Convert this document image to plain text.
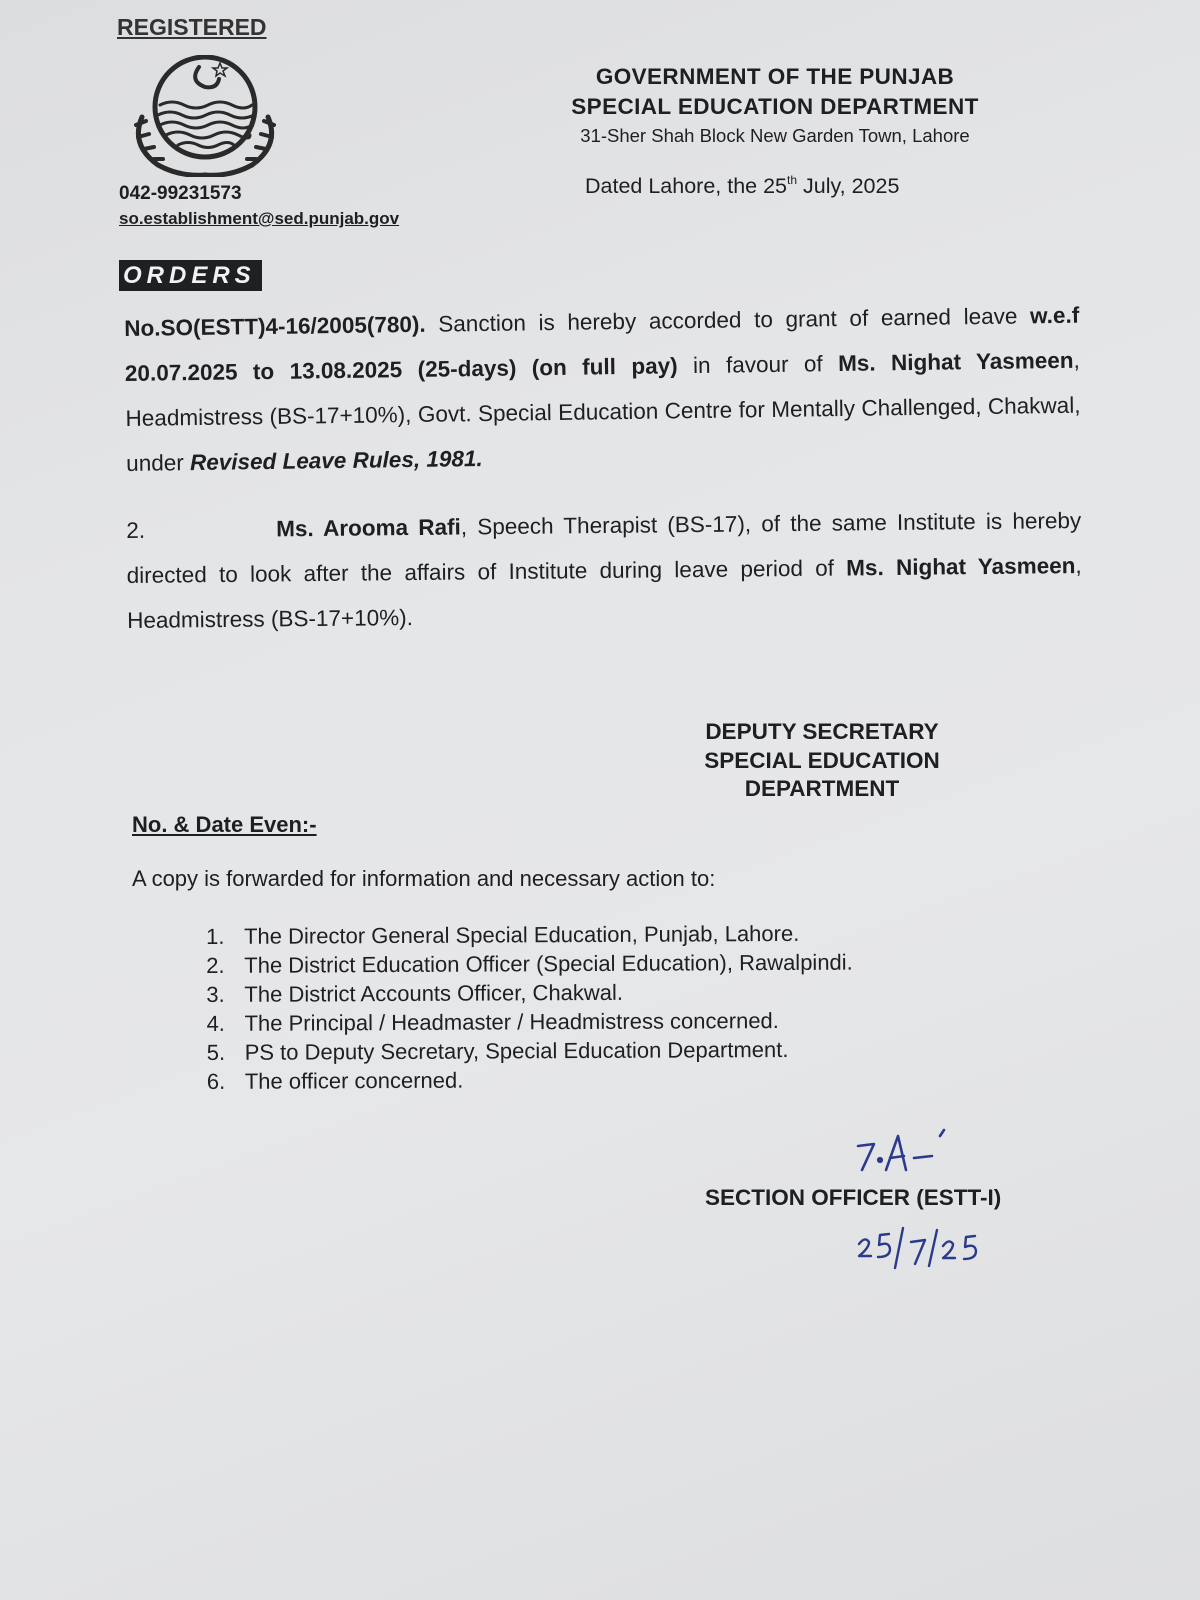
REGISTERED
GOVERNMENT OF THE PUNJAB
SPECIAL EDUCATION DEPARTMENT
31-Sher Shah Block New Garden Town, Lahore
042-99231573
so.establishment@sed.punjab.gov
Dated Lahore, the 25th July, 2025
ORDERS
No.SO(ESTT)4-16/2005(780). Sanction is hereby accorded to grant of earned leave w.e.f 20.07.2025 to 13.08.2025 (25-days) (on full pay) in favour of Ms. Nighat Yasmeen, Headmistress (BS-17+10%), Govt. Special Education Centre for Mentally Challenged, Chakwal, under Revised Leave Rules, 1981.
2.	Ms. Arooma Rafi, Speech Therapist (BS-17), of the same Institute is hereby directed to look after the affairs of Institute during leave period of Ms. Nighat Yasmeen, Headmistress (BS-17+10%).
DEPUTY SECRETARY
SPECIAL EDUCATION
DEPARTMENT
No. & Date Even:-
A copy is forwarded for information and necessary action to:
1. The Director General Special Education, Punjab, Lahore.
2. The District Education Officer (Special Education), Rawalpindi.
3. The District Accounts Officer, Chakwal.
4. The Principal / Headmaster / Headmistress concerned.
5. PS to Deputy Secretary, Special Education Department.
6. The officer concerned.
SECTION OFFICER (ESTT-I)
